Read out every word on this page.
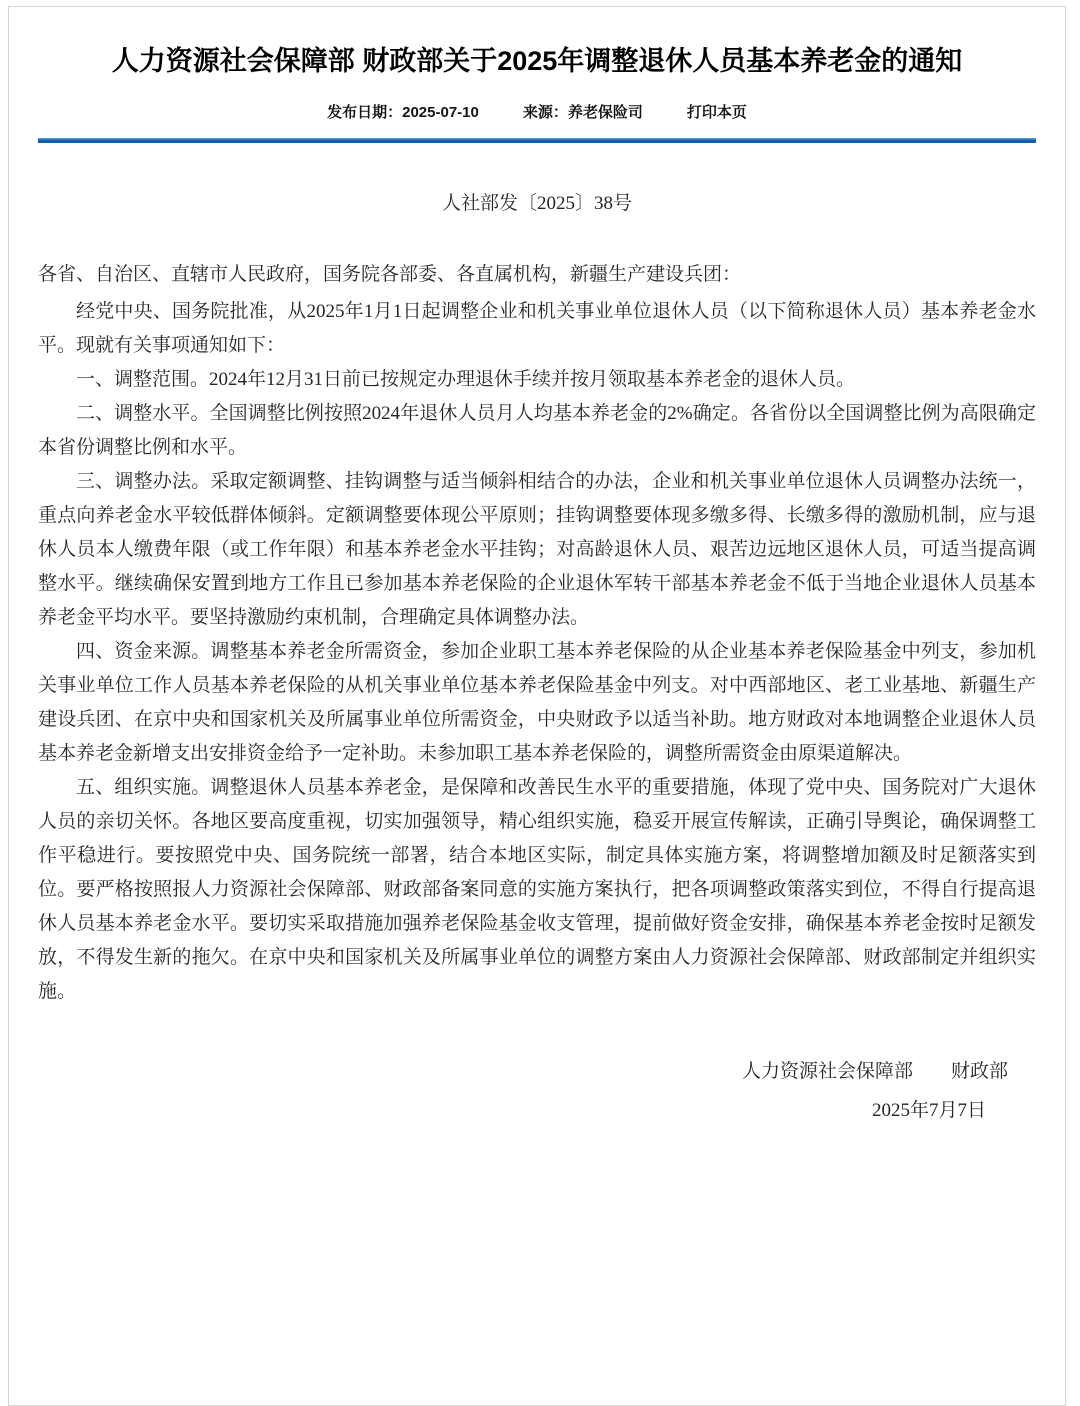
人力资源社会保障部 财政部关于2025年调整退休人员基本养老金的通知
发布日期：2025-07-10	来源：养老保险司	打印本页
人社部发〔2025〕38号

各省、自治区、直辖市人民政府，国务院各部委、各直属机构，新疆生产建设兵团：

经党中央、国务院批准，从2025年1月1日起调整企业和机关事业单位退休人员（以下简称退休人员）基本养老金水平。现就有关事项通知如下：

一、调整范围。2024年12月31日前已按规定办理退休手续并按月领取基本养老金的退休人员。

二、调整水平。全国调整比例按照2024年退休人员月人均基本养老金的2%确定。各省份以全国调整比例为高限确定本省份调整比例和水平。

三、调整办法。采取定额调整、挂钩调整与适当倾斜相结合的办法，企业和机关事业单位退休人员调整办法统一，重点向养老金水平较低群体倾斜。定额调整要体现公平原则；挂钩调整要体现多缴多得、长缴多得的激励机制，应与退休人员本人缴费年限（或工作年限）和基本养老金水平挂钩；对高龄退休人员、艰苦边远地区退休人员，可适当提高调整水平。继续确保安置到地方工作且已参加基本养老保险的企业退休军转干部基本养老金不低于当地企业退休人员基本养老金平均水平。要坚持激励约束机制，合理确定具体调整办法。

四、资金来源。调整基本养老金所需资金，参加企业职工基本养老保险的从企业基本养老保险基金中列支，参加机关事业单位工作人员基本养老保险的从机关事业单位基本养老保险基金中列支。对中西部地区、老工业基地、新疆生产建设兵团、在京中央和国家机关及所属事业单位所需资金，中央财政予以适当补助。地方财政对本地调整企业退休人员基本养老金新增支出安排资金给予一定补助。未参加职工基本养老保险的，调整所需资金由原渠道解决。

五、组织实施。调整退休人员基本养老金，是保障和改善民生水平的重要措施，体现了党中央、国务院对广大退休人员的亲切关怀。各地区要高度重视，切实加强领导，精心组织实施，稳妥开展宣传解读，正确引导舆论，确保调整工作平稳进行。要按照党中央、国务院统一部署，结合本地区实际，制定具体实施方案，将调整增加额及时足额落实到位。要严格按照报人力资源社会保障部、财政部备案同意的实施方案执行，把各项调整政策落实到位，不得自行提高退休人员基本养老金水平。要切实采取措施加强养老保险基金收支管理，提前做好资金安排，确保基本养老金按时足额发放，不得发生新的拖欠。在京中央和国家机关及所属事业单位的调整方案由人力资源社会保障部、财政部制定并组织实施。

人力资源社会保障部　　财政部
2025年7月7日
